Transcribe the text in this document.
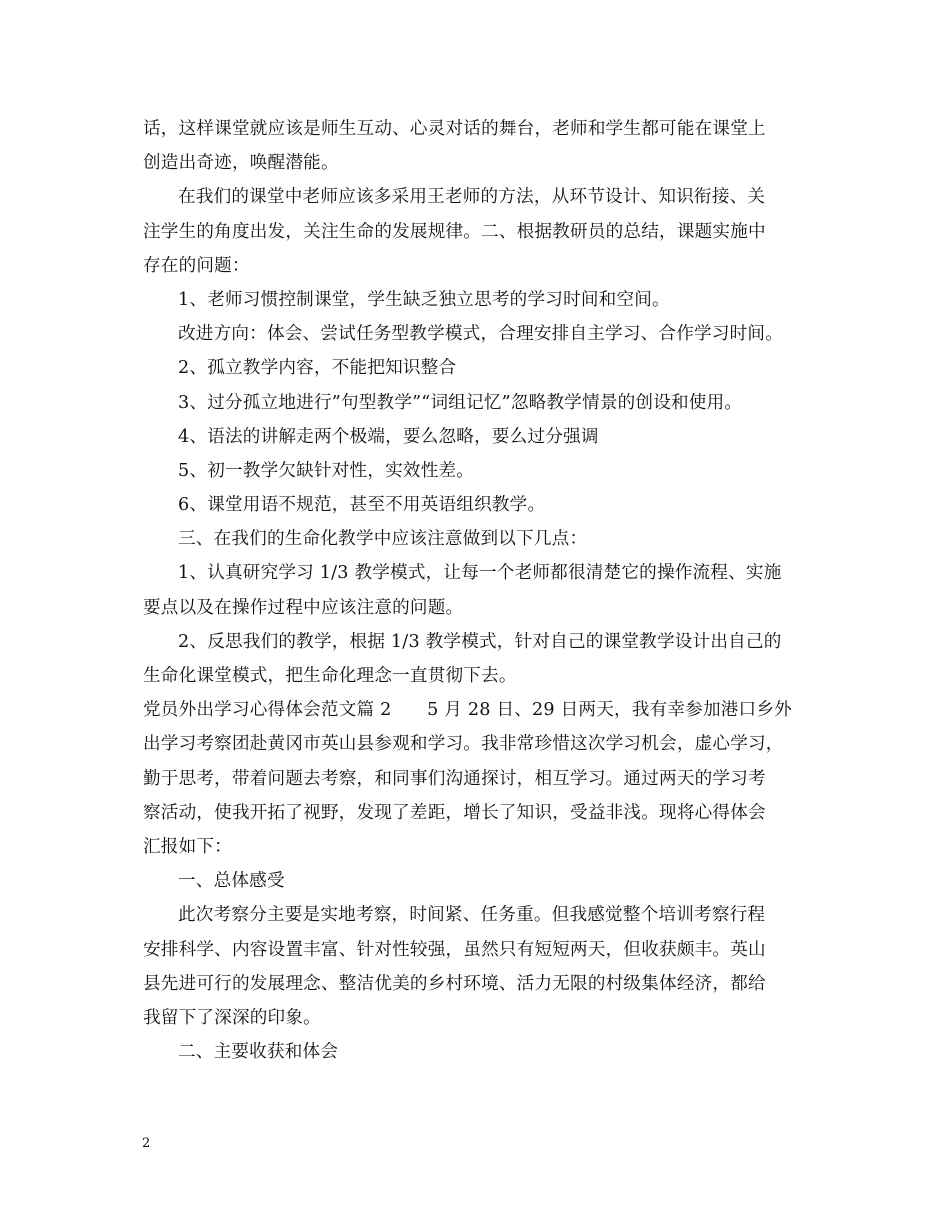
话，这样课堂就应该是师生互动、心灵对话的舞台，老师和学生都可能在课堂上
创造出奇迹，唤醒潜能。
在我们的课堂中老师应该多采用王老师的方法，从环节设计、知识衔接、关
注学生的角度出发，关注生命的发展规律。二、根据教研员的总结，课题实施中
存在的问题：
1、老师习惯控制课堂，学生缺乏独立思考的学习时间和空间。
改进方向：体会、尝试任务型教学模式，合理安排自主学习、合作学习时间。
2、孤立教学内容，不能把知识整合
3、过分孤立地进行”句型教学”“词组记忆”忽略教学情景的创设和使用。
4、语法的讲解走两个极端，要么忽略，要么过分强调
5、初一教学欠缺针对性，实效性差。
6、课堂用语不规范，甚至不用英语组织教学。
三、在我们的生命化教学中应该注意做到以下几点：
1、认真研究学习 1/3 教学模式，让每一个老师都很清楚它的操作流程、实施
要点以及在操作过程中应该注意的问题。
2、反思我们的教学，根据 1/3 教学模式，针对自己的课堂教学设计出自己的
生命化课堂模式，把生命化理念一直贯彻下去。
党员外出学习心得体会范文篇 2　　5 月 28 日、29 日两天，我有幸参加港口乡外
出学习考察团赴黄冈市英山县参观和学习。我非常珍惜这次学习机会，虚心学习，
勤于思考，带着问题去考察，和同事们沟通探讨，相互学习。通过两天的学习考
察活动，使我开拓了视野，发现了差距，增长了知识，受益非浅。现将心得体会
汇报如下：
一、总体感受
此次考察分主要是实地考察，时间紧、任务重。但我感觉整个培训考察行程
安排科学、内容设置丰富、针对性较强，虽然只有短短两天，但收获颇丰。英山
县先进可行的发展理念、整洁优美的乡村环境、活力无限的村级集体经济，都给
我留下了深深的印象。
二、主要收获和体会
2
